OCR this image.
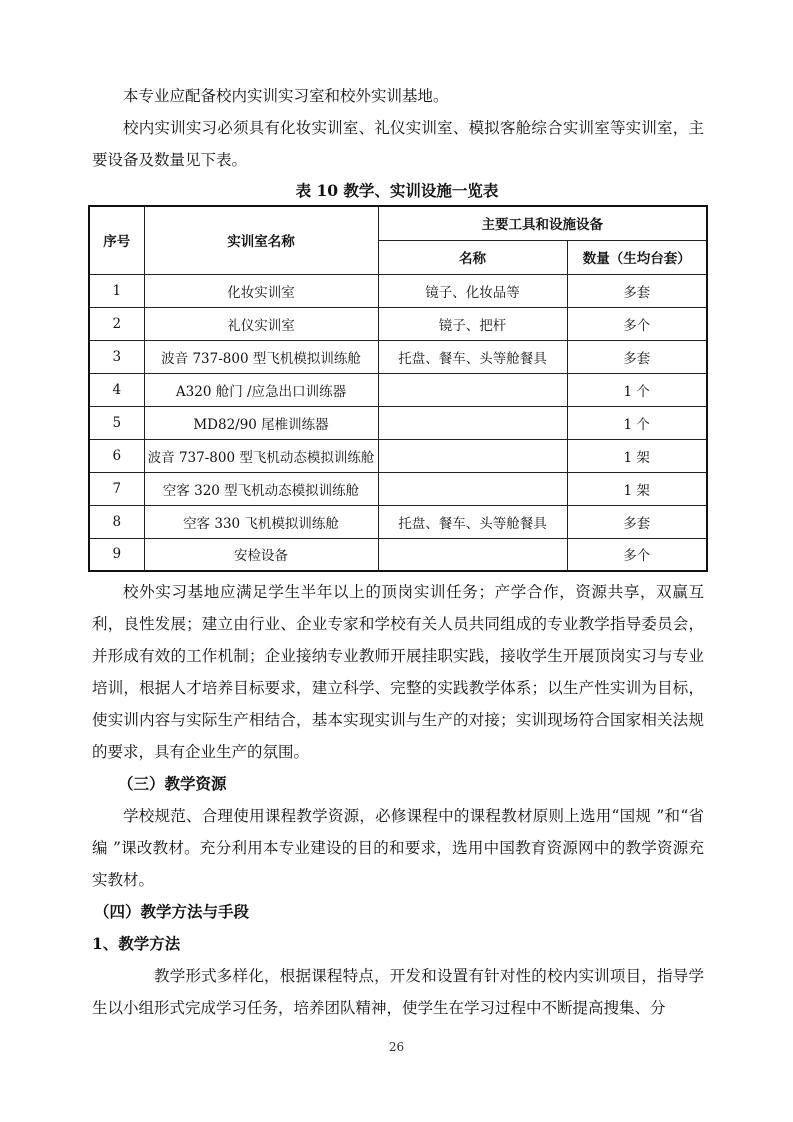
本专业应配备校内实训实习室和校外实训基地。

校内实训实习必须具有化妆实训室、礼仪实训室、模拟客舱综合实训室等实训室，主要设备及数量见下表。

表 10 教学、实训设施一览表
序号	实训室名称	主要工具和设施设备	
		名称	数量（生均台套）
1	化妆实训室	镜子、化妆品等	多套
2	礼仪实训室	镜子、把杆	多个
3	波音 737-800 型飞机模拟训练舱	托盘、餐车、头等舱餐具	多套
4	A320 舱门 /应急出口训练器		1 个
5	MD82/90 尾椎训练器		1 个
6	波音 737-800 型飞机动态模拟训练舱		1 架
7	空客 320 型飞机动态模拟训练舱		1 架
8	空客 330 飞机模拟训练舱	托盘、餐车、头等舱餐具	多套
9	安检设备		多个

校外实习基地应满足学生半年以上的顶岗实训任务；产学合作，资源共享，双赢互利，良性发展；建立由行业、企业专家和学校有关人员共同组成的专业教学指导委员会，并形成有效的工作机制；企业接纳专业教师开展挂职实践，接收学生开展顶岗实习与专业培训，根据人才培养目标要求，建立科学、完整的实践教学体系；以生产性实训为目标，使实训内容与实际生产相结合，基本实现实训与生产的对接；实训现场符合国家相关法规的要求，具有企业生产的氛围。

（三）教学资源

学校规范、合理使用课程教学资源，必修课程中的课程教材原则上选用“国规 ”和“省编 ”课改教材。充分利用本专业建设的目的和要求，选用中国教育资源网中的教学资源充实教材。

（四）教学方法与手段

1、教学方法

教学形式多样化，根据课程特点，开发和设置有针对性的校内实训项目，指导学生以小组形式完成学习任务，培养团队精神，使学生在学习过程中不断提高搜集、分

26
